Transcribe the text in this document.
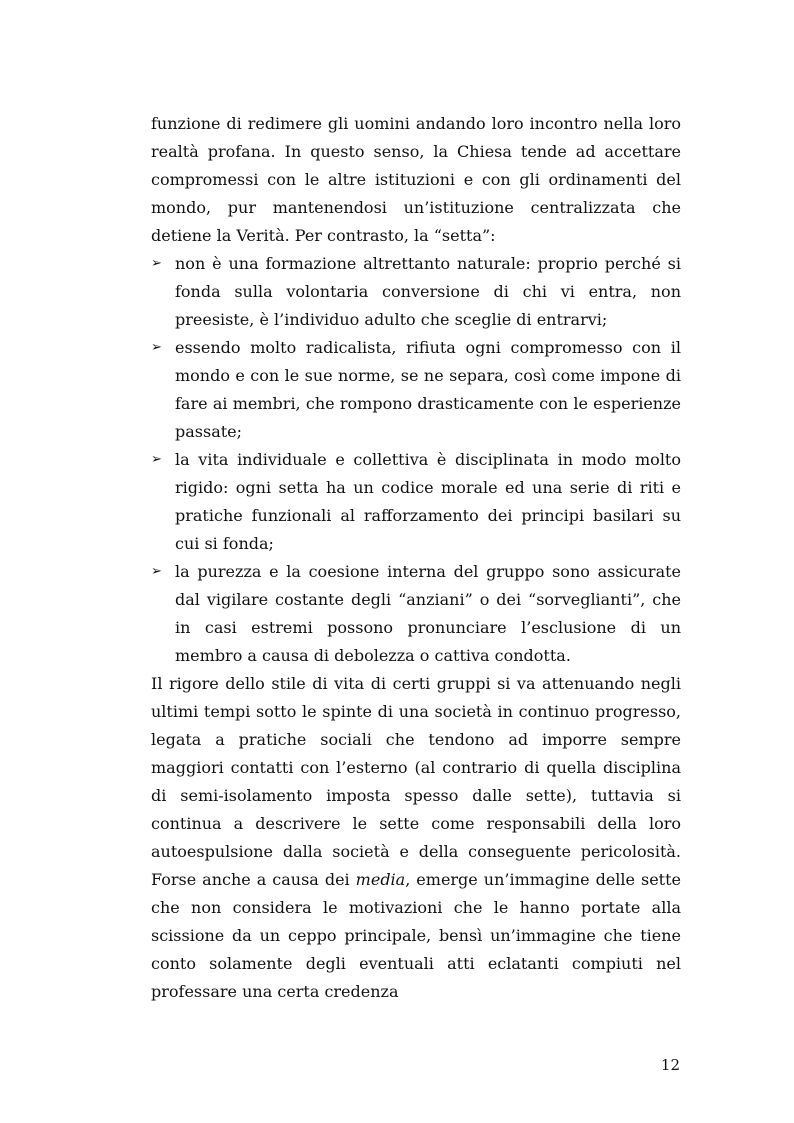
funzione di redimere gli uomini andando loro incontro nella loro realtà profana. In questo senso, la Chiesa tende ad accettare compromessi con le altre istituzioni e con gli ordinamenti del mondo, pur mantenendosi un’istituzione centralizzata che detiene la Verità. Per contrasto, la “setta”:

➢ non è una formazione altrettanto naturale: proprio perché si fonda sulla volontaria conversione di chi vi entra, non preesiste, è l’individuo adulto che sceglie di entrarvi;
➢ essendo molto radicalista, rifiuta ogni compromesso con il mondo e con le sue norme, se ne separa, così come impone di fare ai membri, che rompono drasticamente con le esperienze passate;
➢ la vita individuale e collettiva è disciplinata in modo molto rigido: ogni setta ha un codice morale ed una serie di riti e pratiche funzionali al rafforzamento dei principi basilari su cui si fonda;
➢ la purezza e la coesione interna del gruppo sono assicurate dal vigilare costante degli “anziani” o dei “sorveglianti”, che in casi estremi possono pronunciare l’esclusione di un membro a causa di debolezza o cattiva condotta.

Il rigore dello stile di vita di certi gruppi si va attenuando negli ultimi tempi sotto le spinte di una società in continuo progresso, legata a pratiche sociali che tendono ad imporre sempre maggiori contatti con l’esterno (al contrario di quella disciplina di semi-isolamento imposta spesso dalle sette), tuttavia si continua a descrivere le sette come responsabili della loro autoespulsione dalla società e della conseguente pericolosità. Forse anche a causa dei media, emerge un’immagine delle sette che non considera le motivazioni che le hanno portate alla scissione da un ceppo principale, bensì un’immagine che tiene conto solamente degli eventuali atti eclatanti compiuti nel professare una certa credenza

12
